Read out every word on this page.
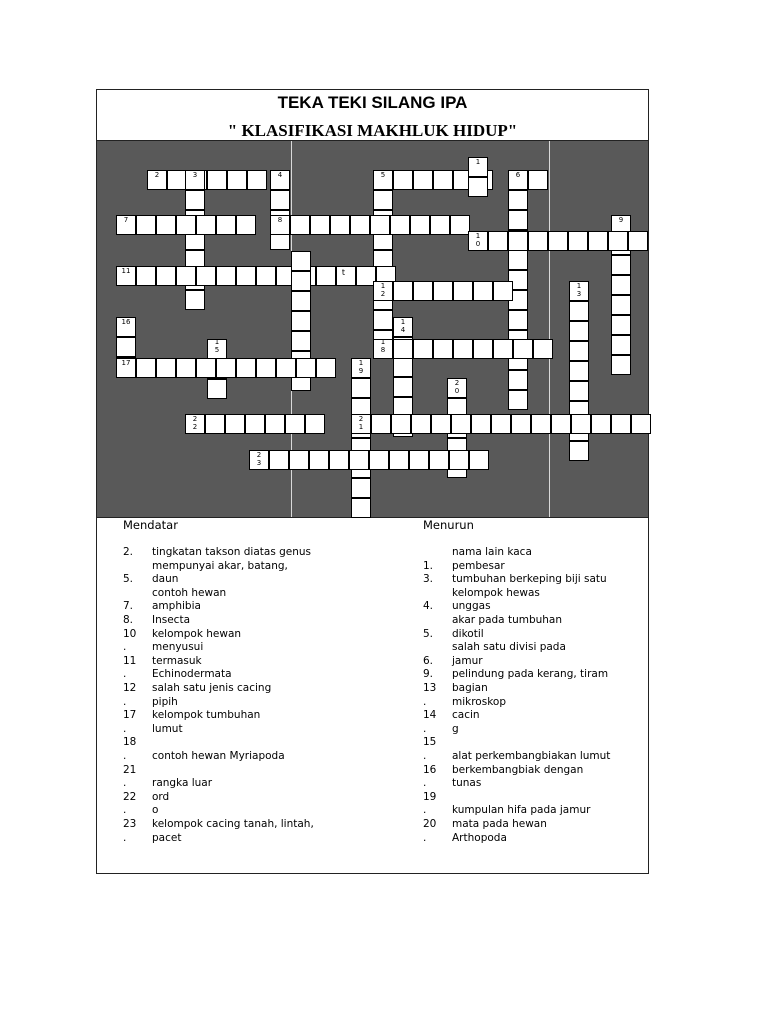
TEKA TEKI SILANG IPA
" KLASIFIKASI MAKHLUK HIDUP"
1
2	3	4	5	6
7	8	9
1
0
11
1
2
1
3
1
4
1
5
16
17
1
8
1
9
2
0
2
1
2
2
2
3
t
Mendatar	Menurun
2. tingkatan takson diatas genus
mempunyai akar, batang,
5. daun
contoh hewan
7. amphibia
8. Insecta
10 kelompok hewan
. menyusui
11 termasuk
. Echinodermata
12 salah satu jenis cacing
. pipih
17 kelompok tumbuhan
. lumut
18
. contoh hewan Myriapoda
21
. rangka luar
22 ord
. o
23 kelompok cacing tanah, lintah,
. pacet
nama lain kaca
1. pembesar
3. tumbuhan berkeping biji satu
kelompok hewas
4. unggas
akar pada tumbuhan
5. dikotil
salah satu divisi pada
6. jamur
9. pelindung pada kerang, tiram
13 bagian
. mikroskop
14 cacin
. g
15
. alat perkembangbiakan lumut
16 berkembangbiak dengan
. tunas
19
. kumpulan hifa pada jamur
20 mata pada hewan
. Arthopoda
